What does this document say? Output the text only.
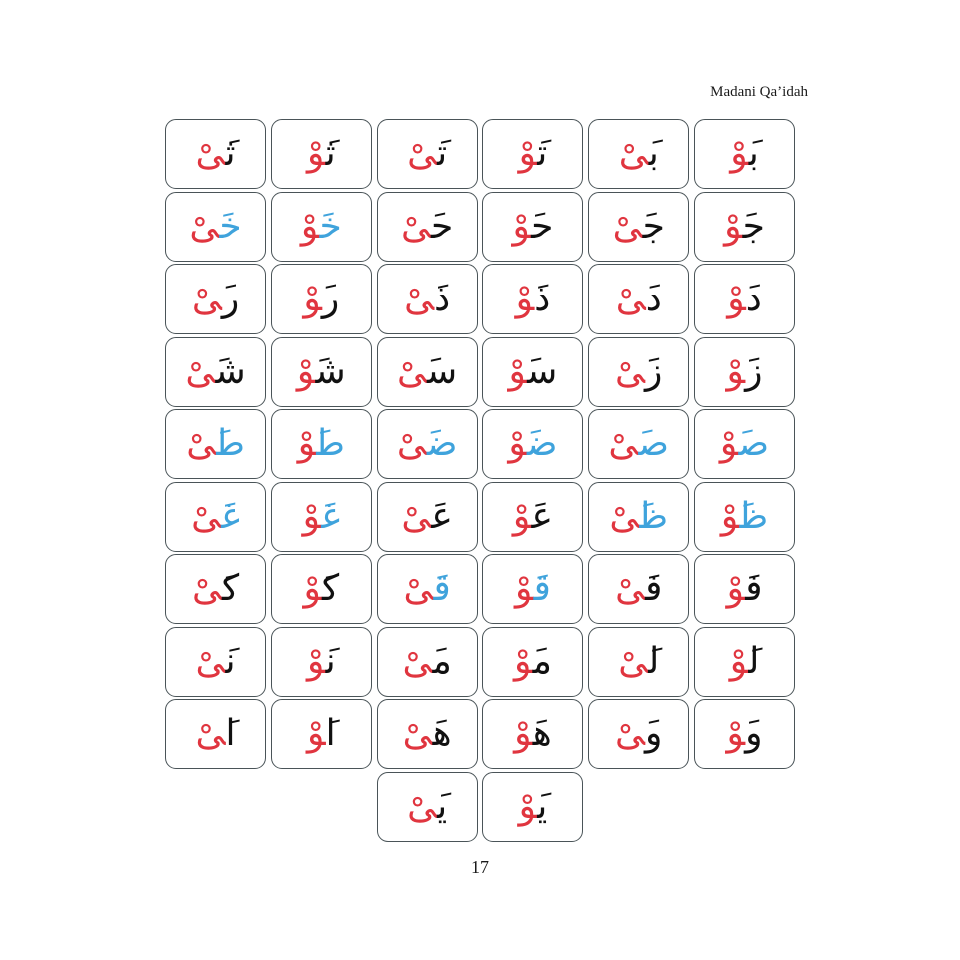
Madani Qa’idah
ب‍‍َوْ
ب‍‍َیْ
ت‍‍َوْ
ت‍‍َیْ
ث‍‍َوْ
ث‍‍َیْ
ج‍‍َوْ
ج‍‍َیْ
ح‍‍َوْ
ح‍‍َیْ
خ‍‍َوْ
خ‍‍َیْ
د‍‍َوْ
د‍‍َیْ
ذ‍‍َوْ
ذ‍‍َیْ
ر‍‍َوْ
ر‍‍َیْ
ز‍‍َوْ
ز‍‍َیْ
س‍‍َوْ
س‍‍َیْ
ش‍‍َوْ
ش‍‍َیْ
ص‍‍َوْ
ص‍‍َیْ
ض‍‍َوْ
ض‍‍َیْ
ط‍‍َوْ
ط‍‍َیْ
ظ‍‍َوْ
ظ‍‍َیْ
ع‍‍َوْ
ع‍‍َیْ
غ‍‍َوْ
غ‍‍َیْ
ف‍‍َوْ
ف‍‍َیْ
ق‍‍َوْ
ق‍‍َیْ
ک‍‍َوْ
ک‍‍َیْ
ل‍‍َوْ
ل‍‍َیْ
م‍‍َوْ
م‍‍َیْ
ن‍‍َوْ
ن‍‍َیْ
و‍‍َوْ
و‍‍َیْ
ه‍‍َوْ
ه‍‍َیْ
ا‍‍َوْ
ا‍‍َیْ
ی‍‍َوْ
ی‍‍َیْ
17
